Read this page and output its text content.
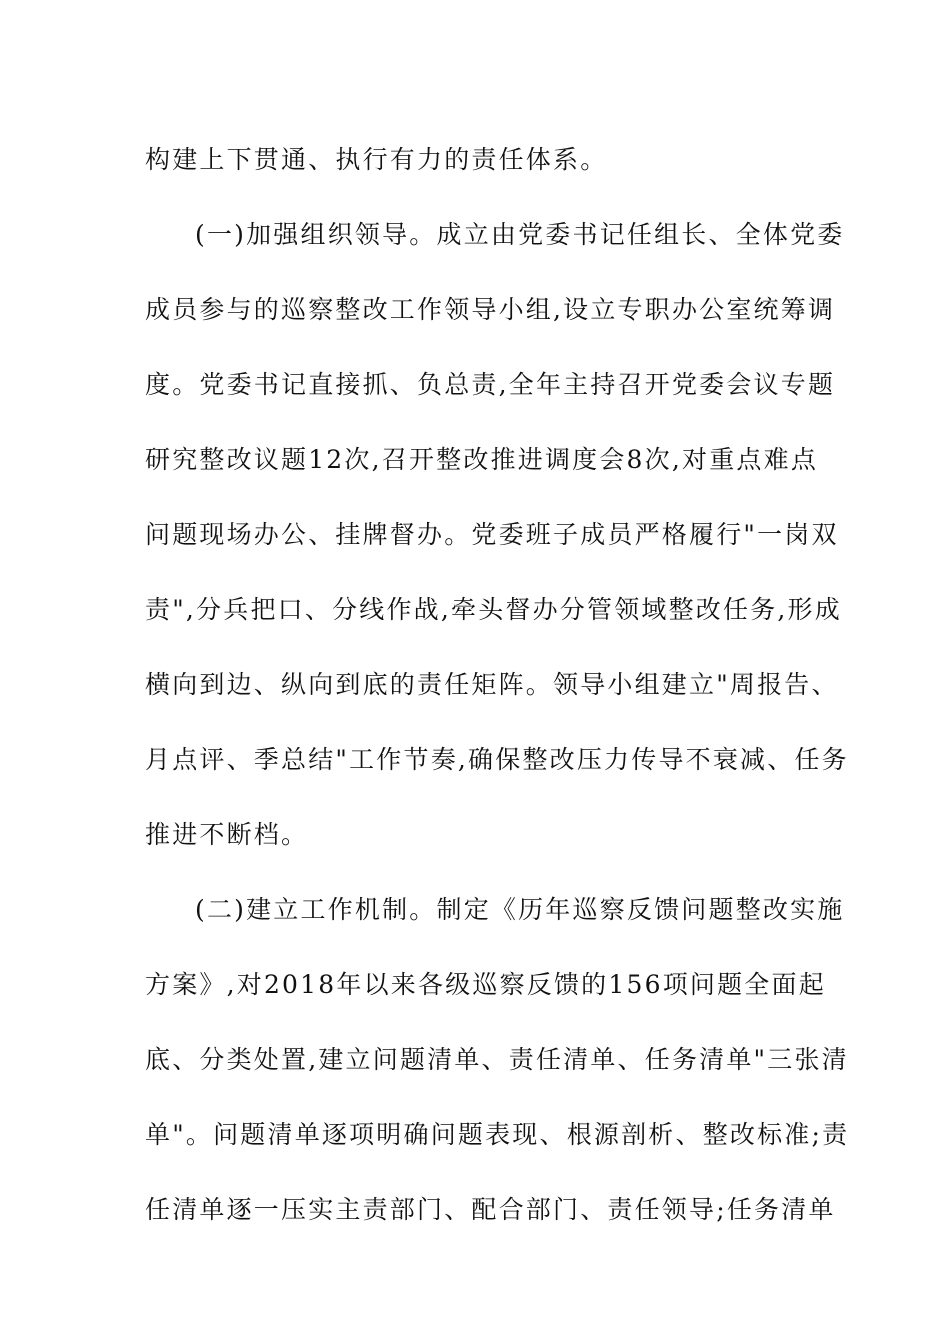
构建上下贯通、执行有力的责任体系。
(一)加强组织领导。成立由党委书记任组长、全体党委
成员参与的巡察整改工作领导小组,设立专职办公室统筹调
度。党委书记直接抓、负总责,全年主持召开党委会议专题
研究整改议题12次,召开整改推进调度会8次,对重点难点
问题现场办公、挂牌督办。党委班子成员严格履行"一岗双
责",分兵把口、分线作战,牵头督办分管领域整改任务,形成
横向到边、纵向到底的责任矩阵。领导小组建立"周报告、
月点评、季总结"工作节奏,确保整改压力传导不衰减、任务
推进不断档。
(二)建立工作机制。制定《历年巡察反馈问题整改实施
方案》,对2018年以来各级巡察反馈的156项问题全面起
底、分类处置,建立问题清单、责任清单、任务清单"三张清
单"。问题清单逐项明确问题表现、根源剖析、整改标准;责
任清单逐一压实主责部门、配合部门、责任领导;任务清单
